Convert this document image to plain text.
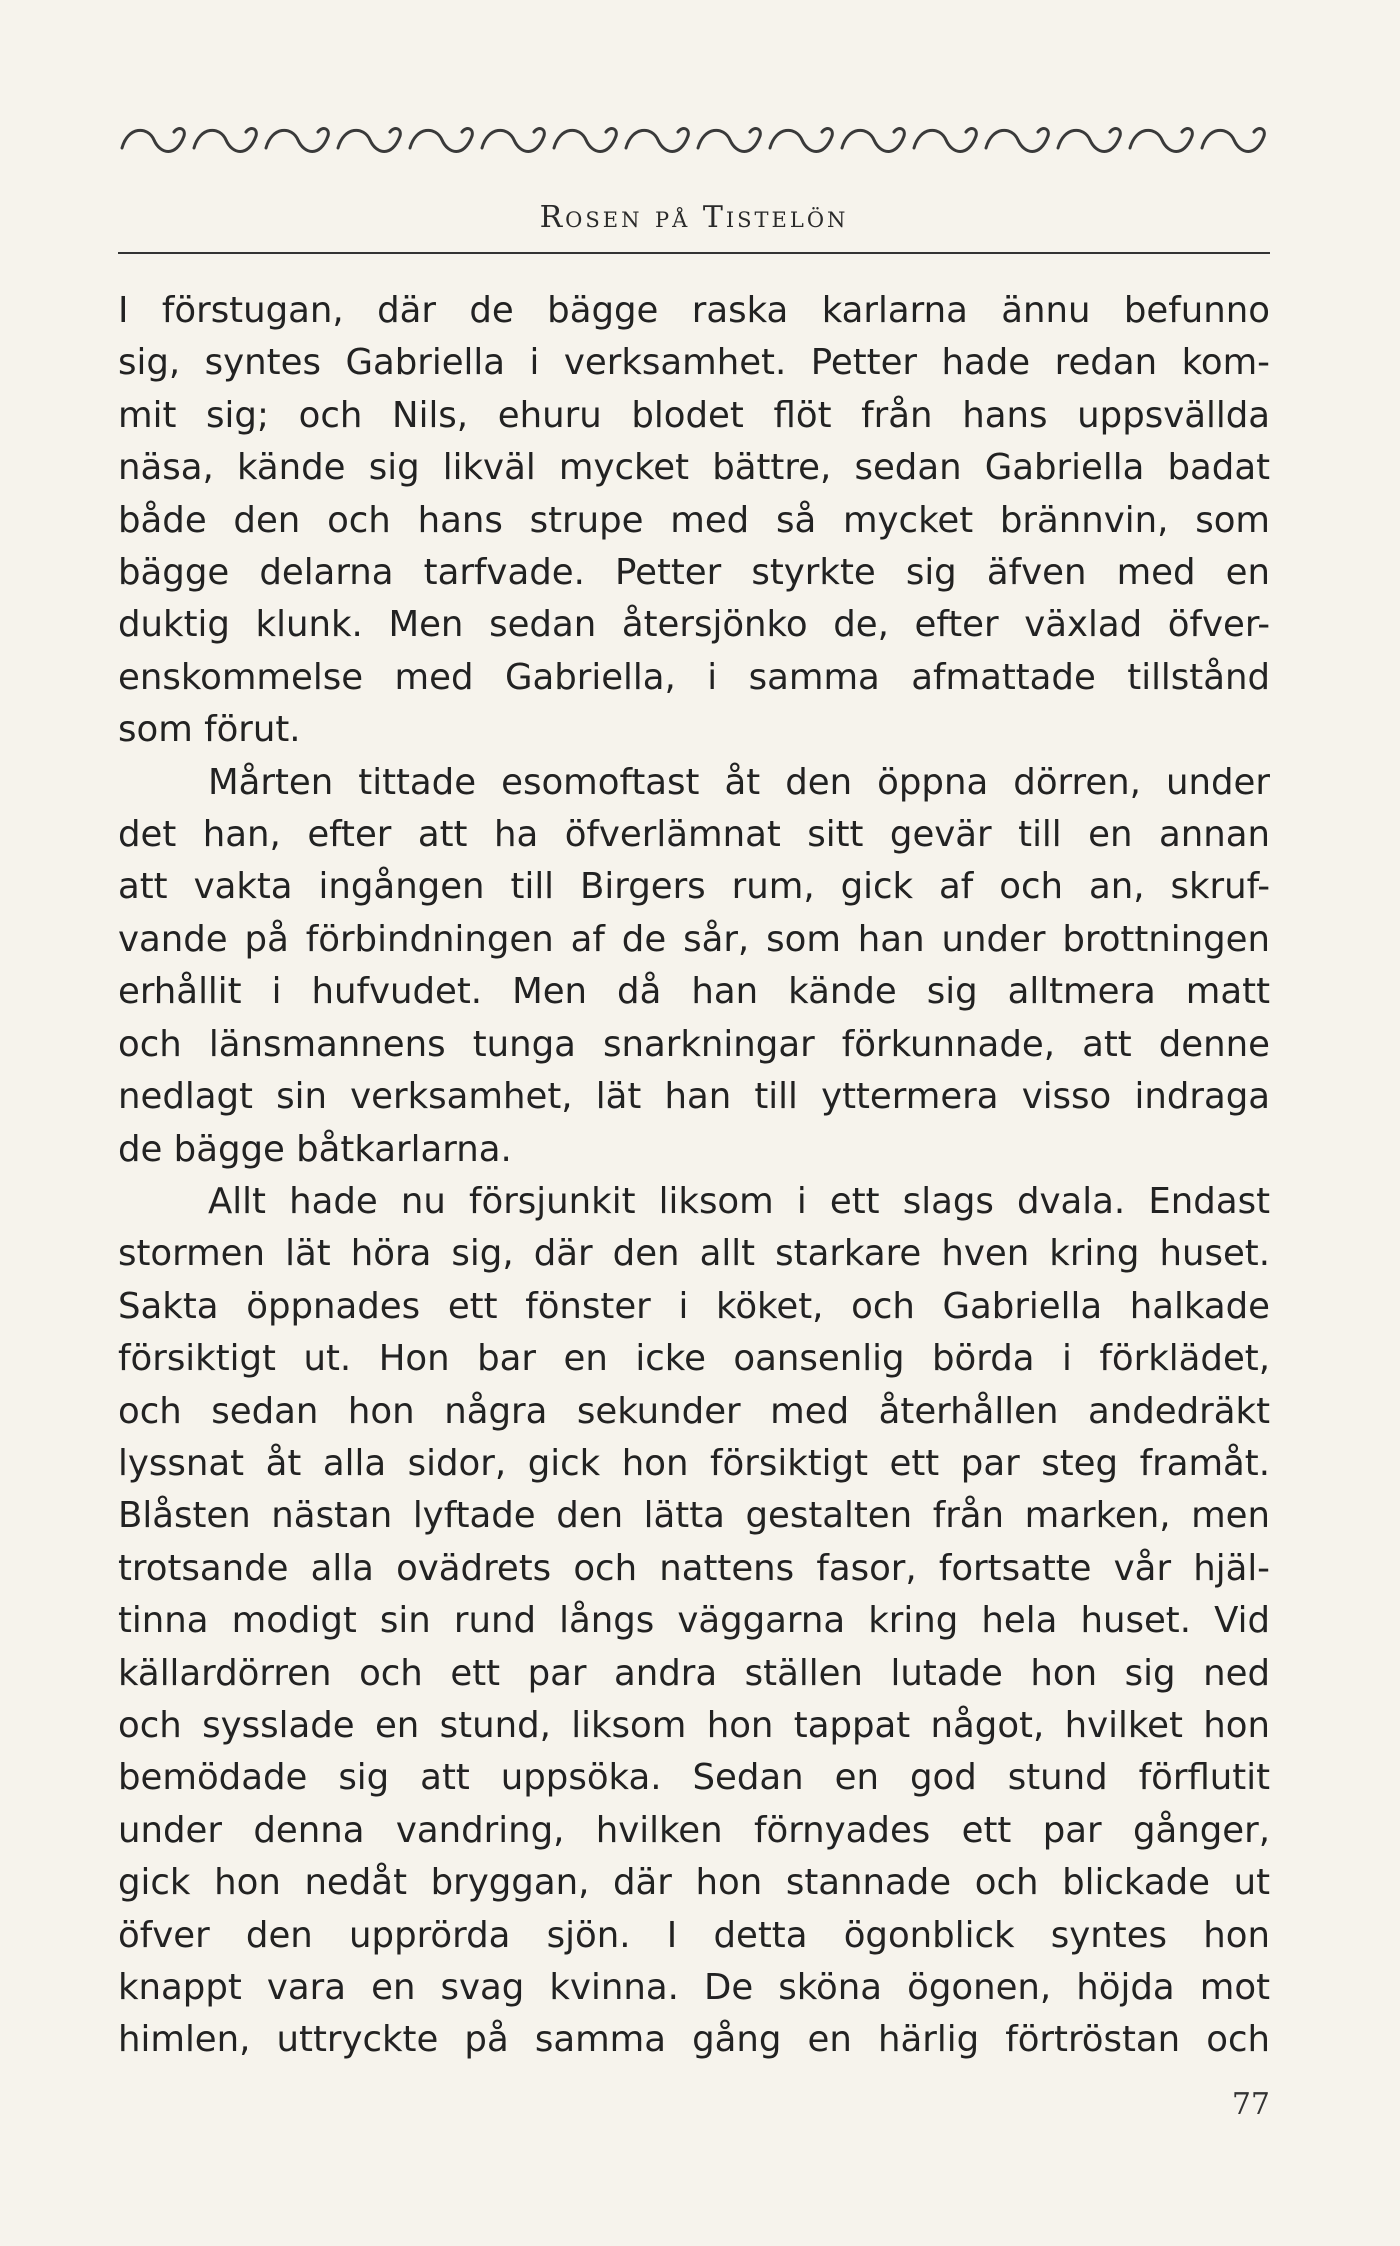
Rosen på Tistelön
I förstugan, där de bägge raska karlarna ännu befunno
sig, syntes Gabriella i verksamhet. Petter hade redan kom-
mit sig; och Nils, ehuru blodet flöt från hans uppsvällda
näsa, kände sig likväl mycket bättre, sedan Gabriella badat
både den och hans strupe med så mycket brännvin, som
bägge delarna tarfvade. Petter styrkte sig äfven med en
duktig klunk. Men sedan återsjönko de, efter växlad öfver-
enskommelse med Gabriella, i samma afmattade tillstånd
som förut.
Mårten tittade esomoftast åt den öppna dörren, under
det han, efter att ha öfverlämnat sitt gevär till en annan
att vakta ingången till Birgers rum, gick af och an, skruf-
vande på förbindningen af de sår, som han under brottningen
erhållit i hufvudet. Men då han kände sig alltmera matt
och länsmannens tunga snarkningar förkunnade, att denne
nedlagt sin verksamhet, lät han till yttermera visso indraga
de bägge båtkarlarna.
Allt hade nu försjunkit liksom i ett slags dvala. Endast
stormen lät höra sig, där den allt starkare hven kring huset.
Sakta öppnades ett fönster i köket, och Gabriella halkade
försiktigt ut. Hon bar en icke oansenlig börda i förklädet,
och sedan hon några sekunder med återhållen andedräkt
lyssnat åt alla sidor, gick hon försiktigt ett par steg framåt.
Blåsten nästan lyftade den lätta gestalten från marken, men
trotsande alla ovädrets och nattens fasor, fortsatte vår hjäl-
tinna modigt sin rund långs väggarna kring hela huset. Vid
källardörren och ett par andra ställen lutade hon sig ned
och sysslade en stund, liksom hon tappat något, hvilket hon
bemödade sig att uppsöka. Sedan en god stund förflutit
under denna vandring, hvilken förnyades ett par gånger,
gick hon nedåt bryggan, där hon stannade och blickade ut
öfver den upprörda sjön. I detta ögonblick syntes hon
knappt vara en svag kvinna. De sköna ögonen, höjda mot
himlen, uttryckte på samma gång en härlig förtröstan och
77
